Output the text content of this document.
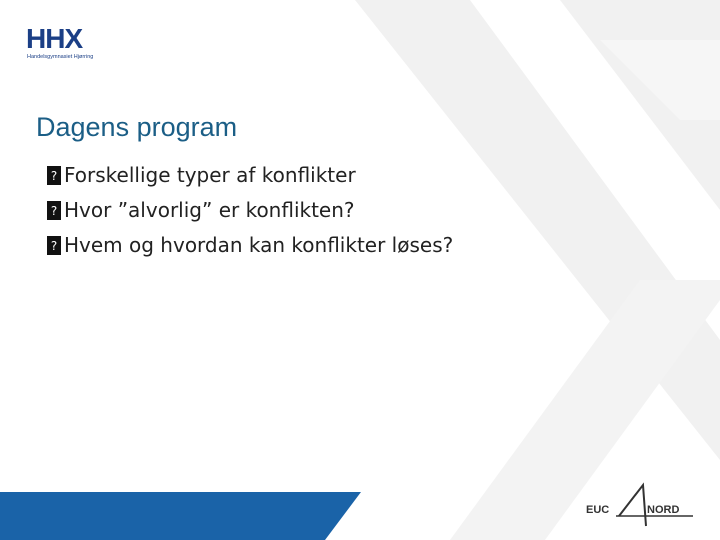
HHX
Handelsgymnasiet Hjørring
Dagens program
? Forskellige typer af konflikter
? Hvor ”alvorlig” er konflikten?
? Hvem og hvordan kan konflikter løses?
EUC	NORD
